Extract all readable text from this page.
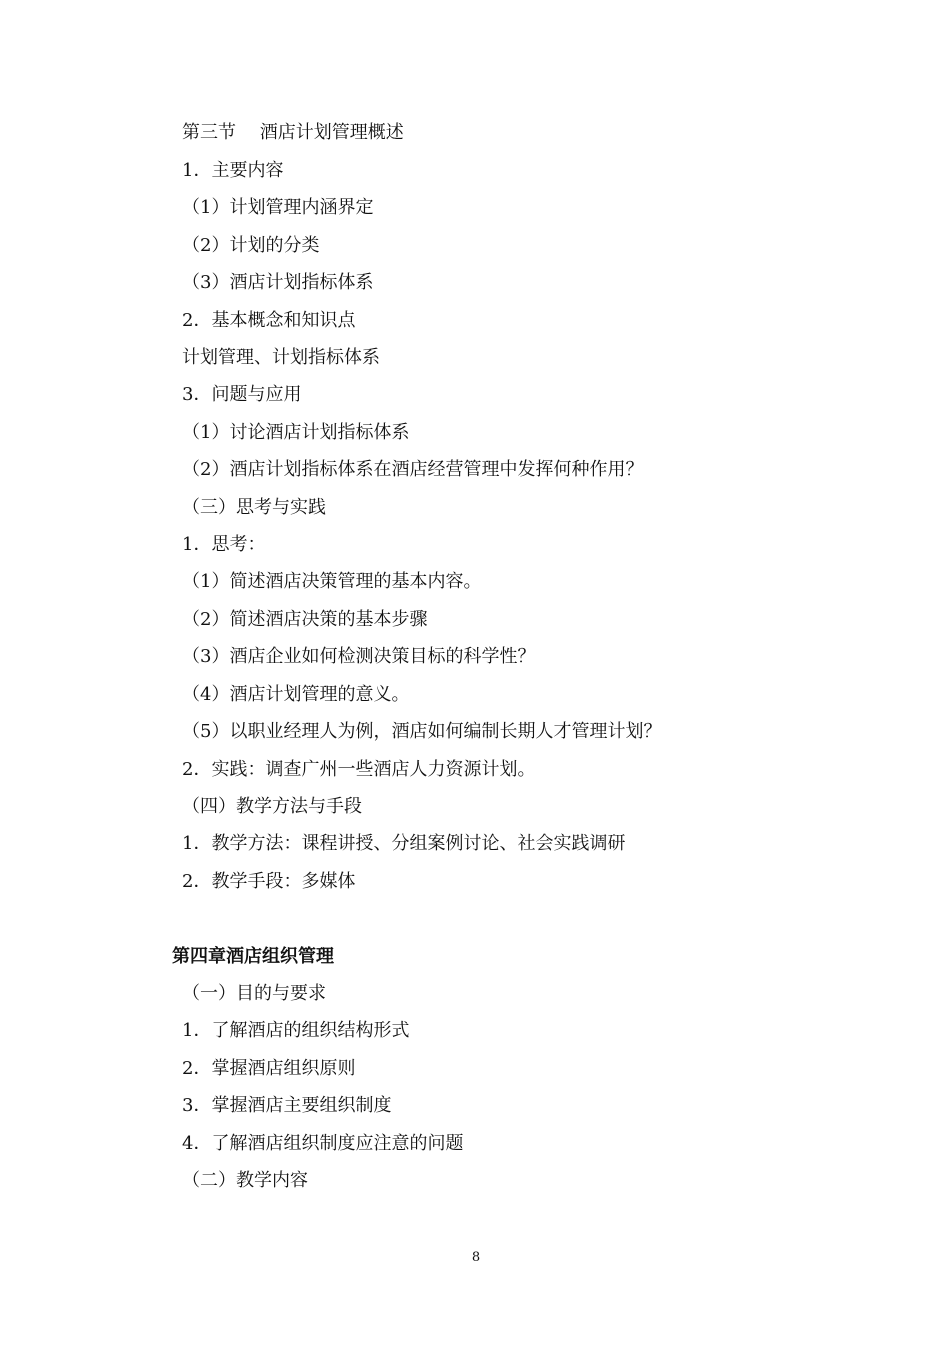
第三节　 酒店计划管理概述
1．主要内容
（1）计划管理内涵界定
（2）计划的分类
（3）酒店计划指标体系
2．基本概念和知识点
计划管理、计划指标体系
3．问题与应用
（1）讨论酒店计划指标体系
（2）酒店计划指标体系在酒店经营管理中发挥何种作用？
（三）思考与实践
1．思考：
（1）简述酒店决策管理的基本内容。
（2）简述酒店决策的基本步骤
（3）酒店企业如何检测决策目标的科学性？
（4）酒店计划管理的意义。
（5）以职业经理人为例，酒店如何编制长期人才管理计划？
2．实践：调查广州一些酒店人力资源计划。
（四）教学方法与手段
1．教学方法：课程讲授、分组案例讨论、社会实践调研
2．教学手段：多媒体
第四章酒店组织管理
（一）目的与要求
1．了解酒店的组织结构形式
2．掌握酒店组织原则
3．掌握酒店主要组织制度
4．了解酒店组织制度应注意的问题
（二）教学内容
8
